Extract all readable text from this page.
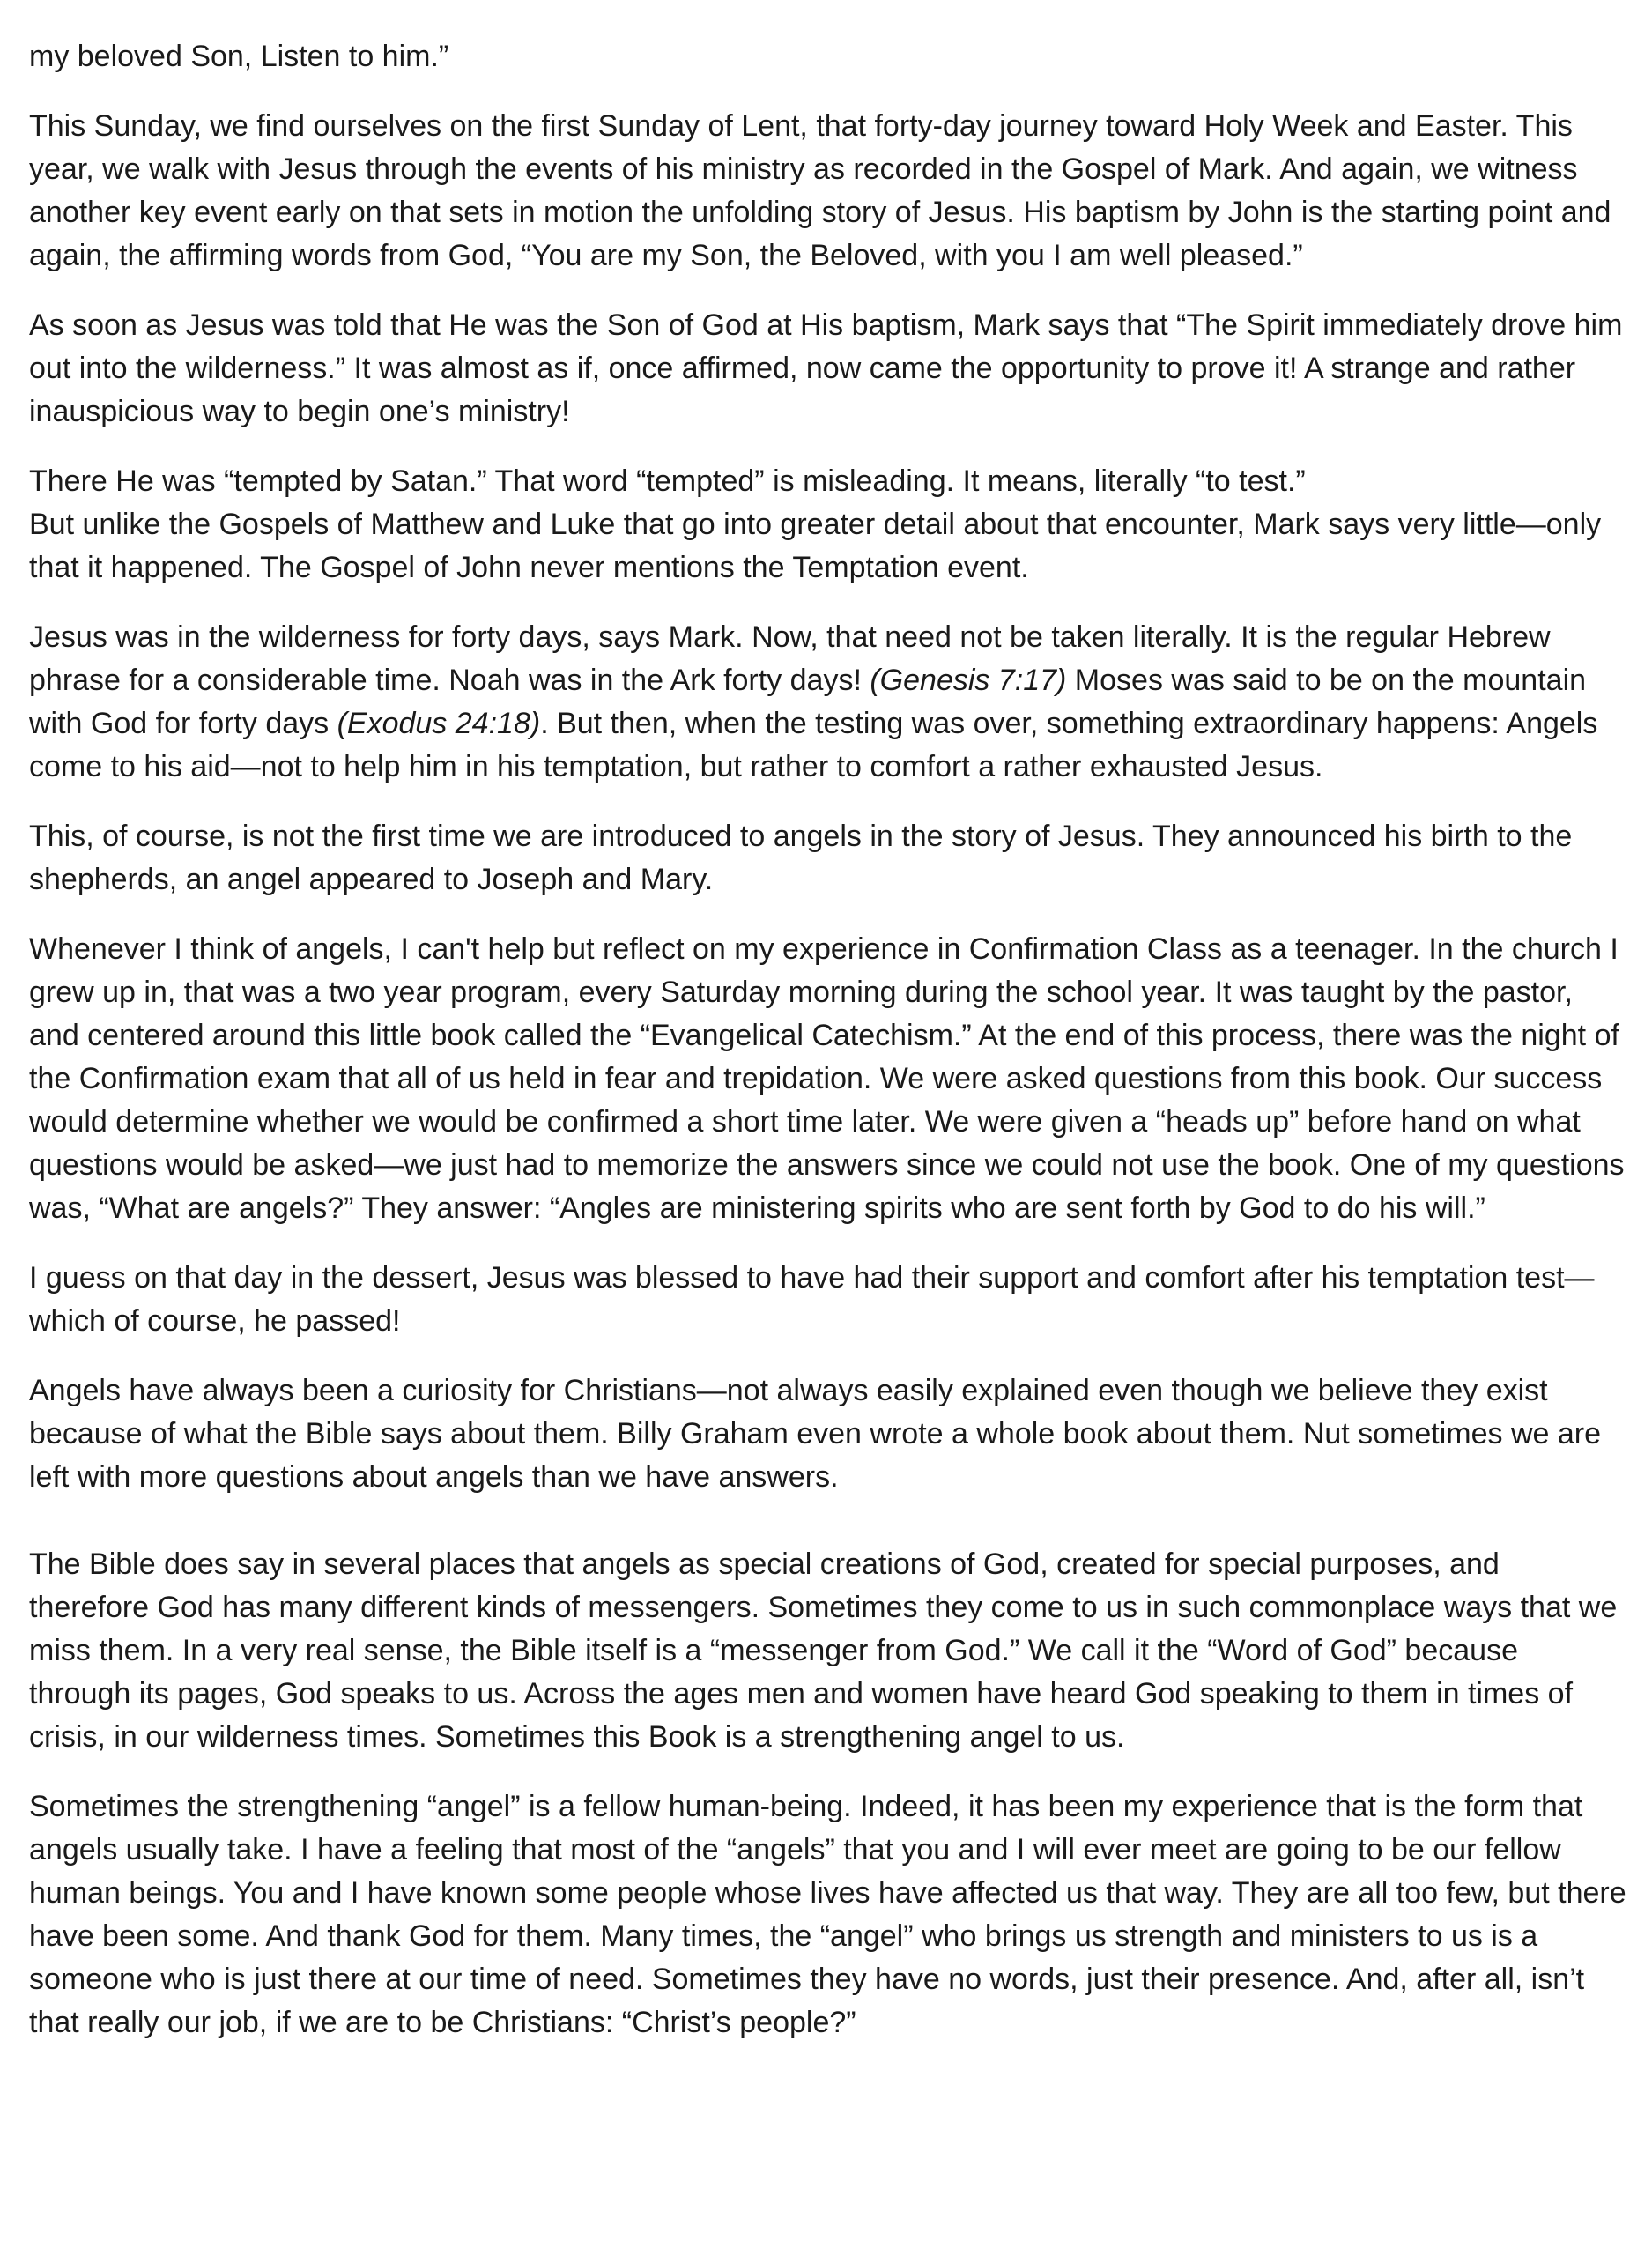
my beloved Son, Listen to him.”

This Sunday, we find ourselves on the first Sunday of Lent, that forty-day journey toward Holy Week and Easter. This year, we walk with Jesus through the events of his ministry as recorded in the Gospel of Mark. And again, we witness another key event early on that sets in motion the unfolding story of Jesus. His baptism by John is the starting point and again, the affirming words from God, “You are my Son, the Beloved, with you I am well pleased.”

As soon as Jesus was told that He was the Son of God at His baptism, Mark says that “The Spirit immediately drove him out into the wilderness.” It was almost as if, once affirmed, now came the opportunity to prove it! A strange and rather inauspicious way to begin one’s ministry!

There He was “tempted by Satan.” That word “tempted” is misleading. It means, literally “to test.”
But unlike the Gospels of Matthew and Luke that go into greater detail about that encounter, Mark says very little—only that it happened. The Gospel of John never mentions the Temptation event.

Jesus was in the wilderness for forty days, says Mark. Now, that need not be taken literally. It is the regular Hebrew phrase for a considerable time. Noah was in the Ark forty days! (Genesis 7:17) Moses was said to be on the mountain with God for forty days (Exodus 24:18). But then, when the testing was over, something extraordinary happens: Angels come to his aid—not to help him in his temptation, but rather to comfort a rather exhausted Jesus.

This, of course, is not the first time we are introduced to angels in the story of Jesus. They announced his birth to the shepherds, an angel appeared to Joseph and Mary.

Whenever I think of angels, I can't help but reflect on my experience in Confirmation Class as a teenager. In the church I grew up in, that was a two year program, every Saturday morning during the school year. It was taught by the pastor, and centered around this little book called the “Evangelical Catechism.” At the end of this process, there was the night of the Confirmation exam that all of us held in fear and trepidation. We were asked questions from this book. Our success would determine whether we would be confirmed a short time later. We were given a “heads up” before hand on what questions would be asked—we just had to memorize the answers since we could not use the book. One of my questions was, “What are angels?” They answer: “Angles are ministering spirits who are sent forth by God to do his will.”

I guess on that day in the dessert, Jesus was blessed to have had their support and comfort after his temptation test—which of course, he passed!

Angels have always been a curiosity for Christians—not always easily explained even though we believe they exist because of what the Bible says about them. Billy Graham even wrote a whole book about them. Nut sometimes we are left with more questions about angels than we have answers.

The Bible does say in several places that angels as special creations of God, created for special purposes, and therefore God has many different kinds of messengers. Sometimes they come to us in such commonplace ways that we miss them. In a very real sense, the Bible itself is a “messenger from God.” We call it the “Word of God” because through its pages, God speaks to us. Across the ages men and women have heard God speaking to them in times of crisis, in our wilderness times. Sometimes this Book is a strengthening angel to us.

Sometimes the strengthening “angel” is a fellow human-being. Indeed, it has been my experience that is the form that angels usually take. I have a feeling that most of the “angels” that you and I will ever meet are going to be our fellow human beings. You and I have known some people whose lives have affected us that way. They are all too few, but there have been some. And thank God for them. Many times, the “angel” who brings us strength and ministers to us is a someone who is just there at our time of need. Sometimes they have no words, just their presence. And, after all, isn’t that really our job, if we are to be Christians: “Christ’s people?”
